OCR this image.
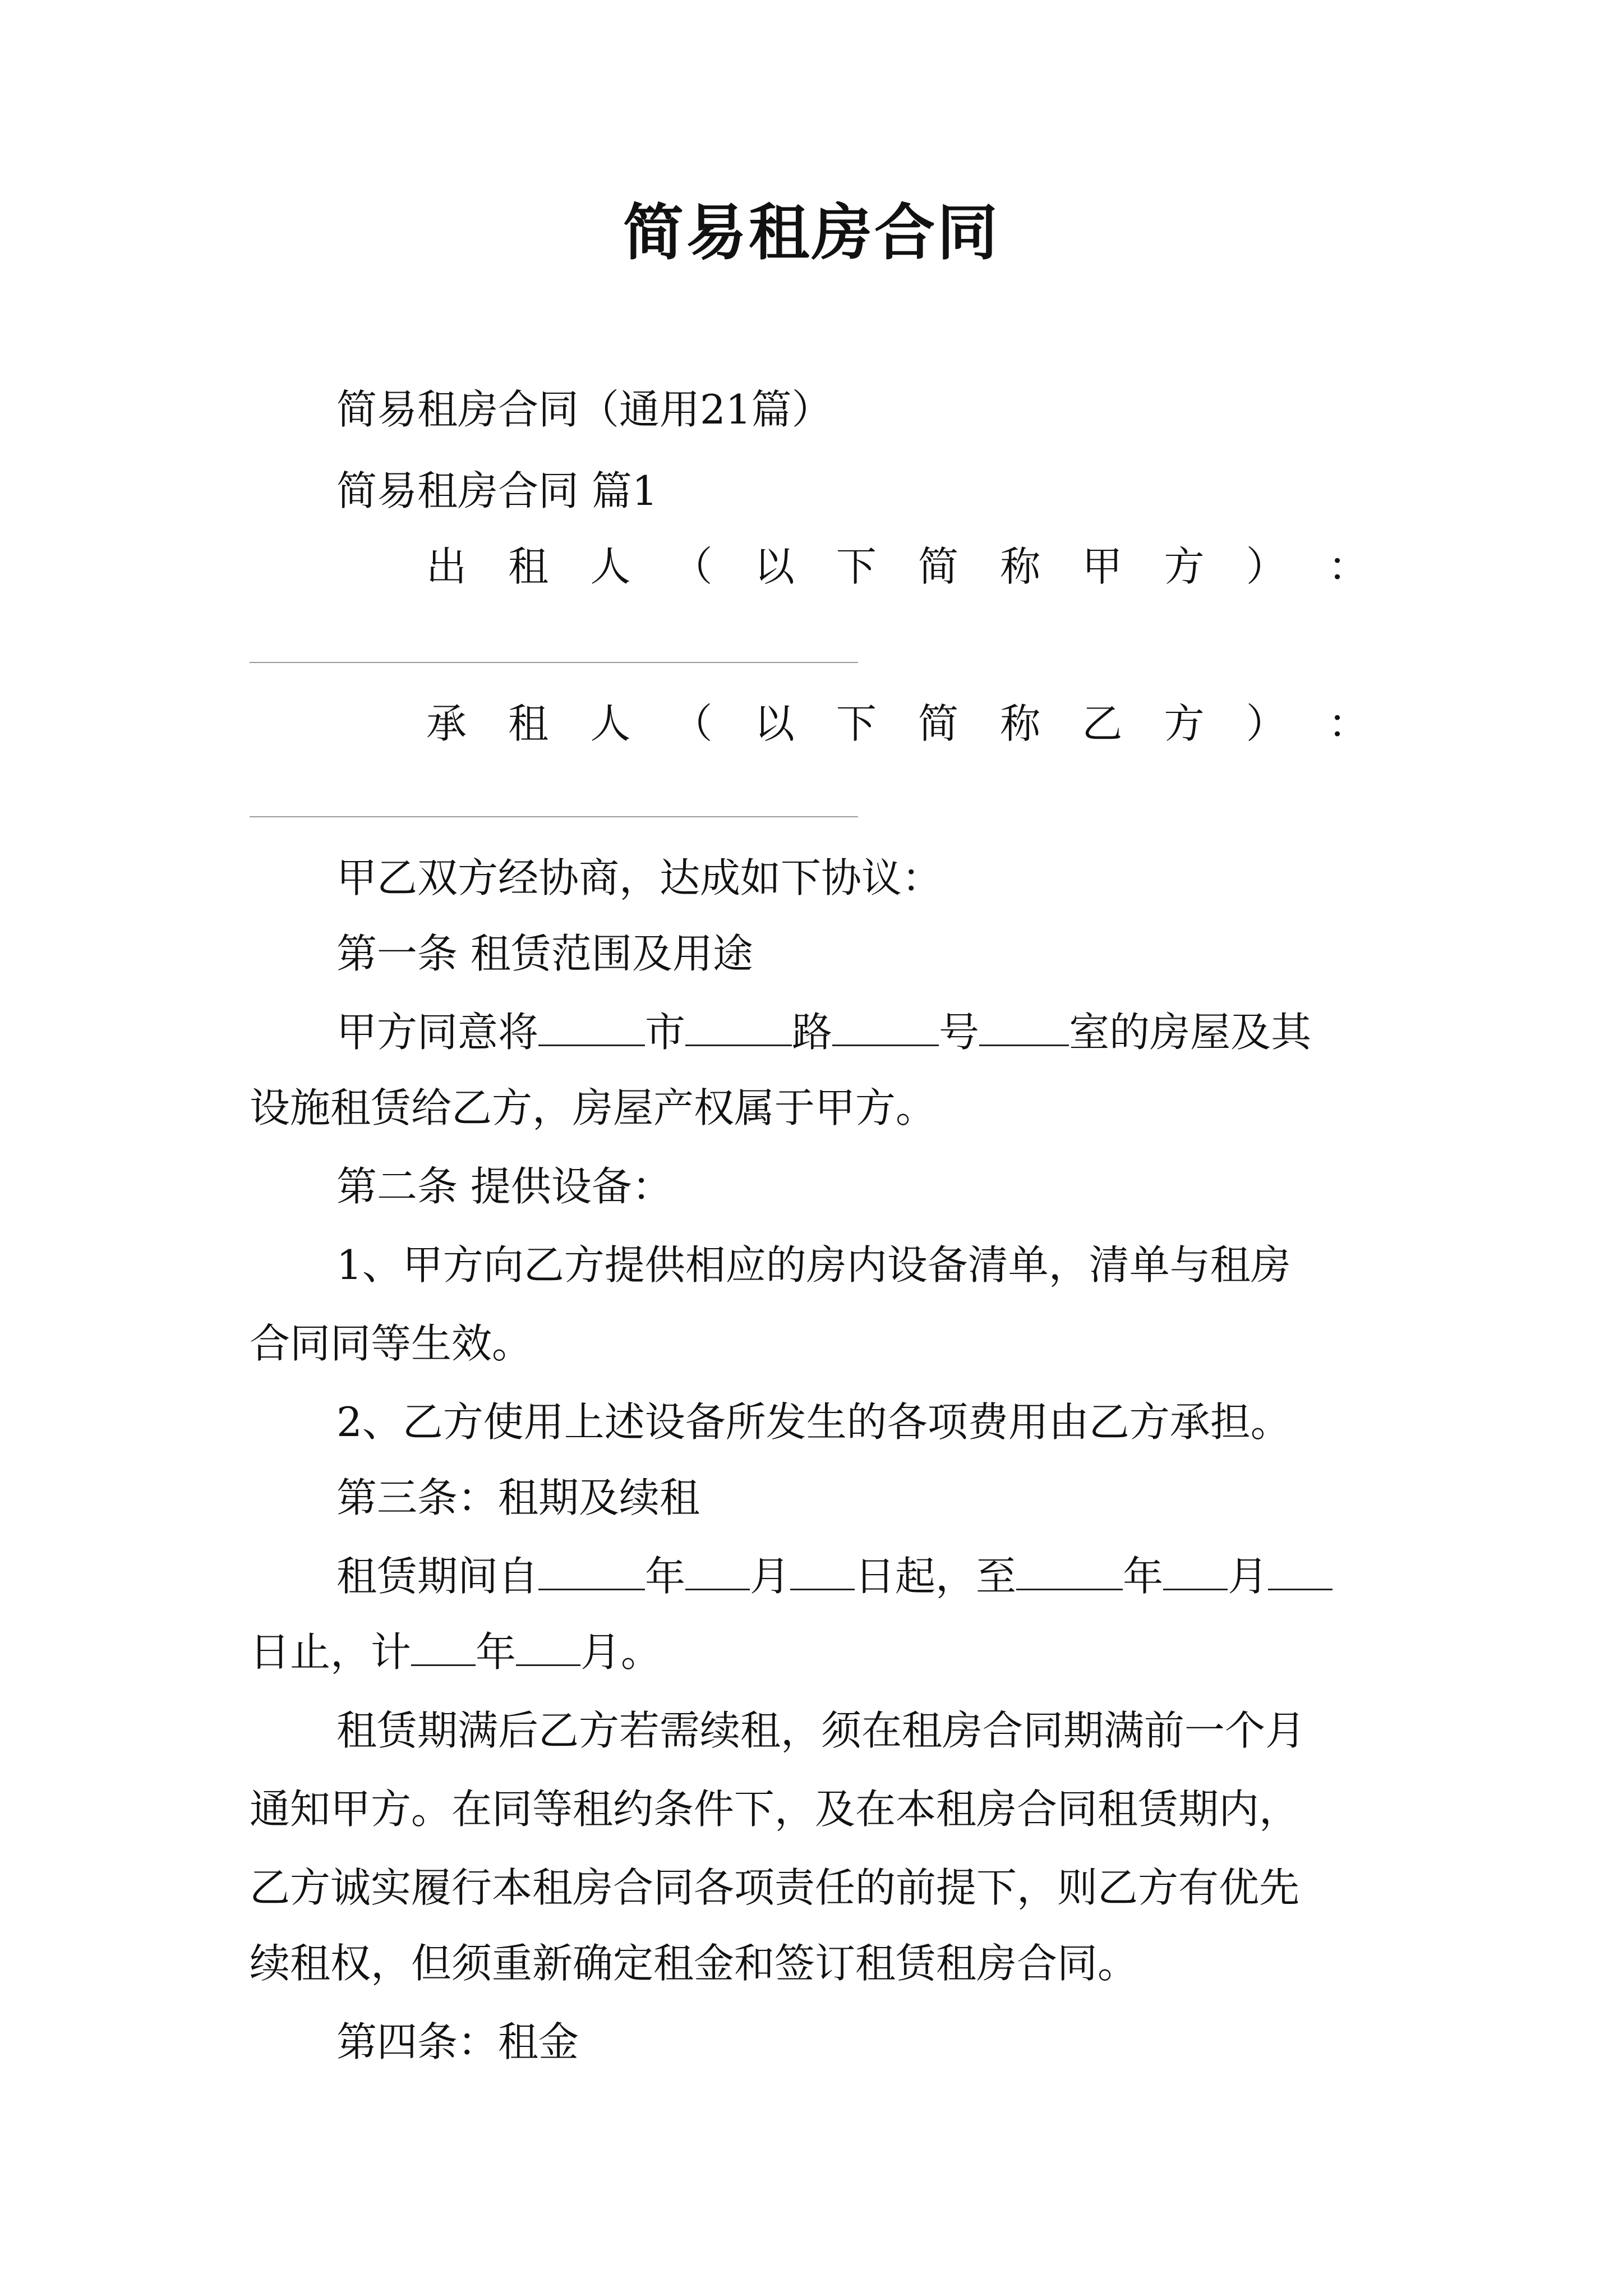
简易租房合同
简易租房合同（通用21篇）
简易租房合同 篇1
出 租 人 （ 以 下 简 称 甲 方 ） ：
承 租 人 （ 以 下 简 称 乙 方 ） ：
甲乙双方经协商，达成如下协议：
第一条 租赁范围及用途
甲方同意将	市	路	号 室的房屋及其
设施租赁给乙方，房屋产权属于甲方。
第二条 提供设备：
1、甲方向乙方提供相应的房内设备清单，清单与租房
合同同等生效。
2、乙方使用上述设备所发生的各项费用由乙方承担。
第三条：租期及续租
租赁期间自	年 月 日起，至	年 月
日止，计 年 月。
租赁期满后乙方若需续租，须在租房合同期满前一个月
通知甲方。在同等租约条件下，及在本租房合同租赁期内，
乙方诚实履行本租房合同各项责任的前提下，则乙方有优先
续租权，但须重新确定租金和签订租赁租房合同。
第四条：租金
